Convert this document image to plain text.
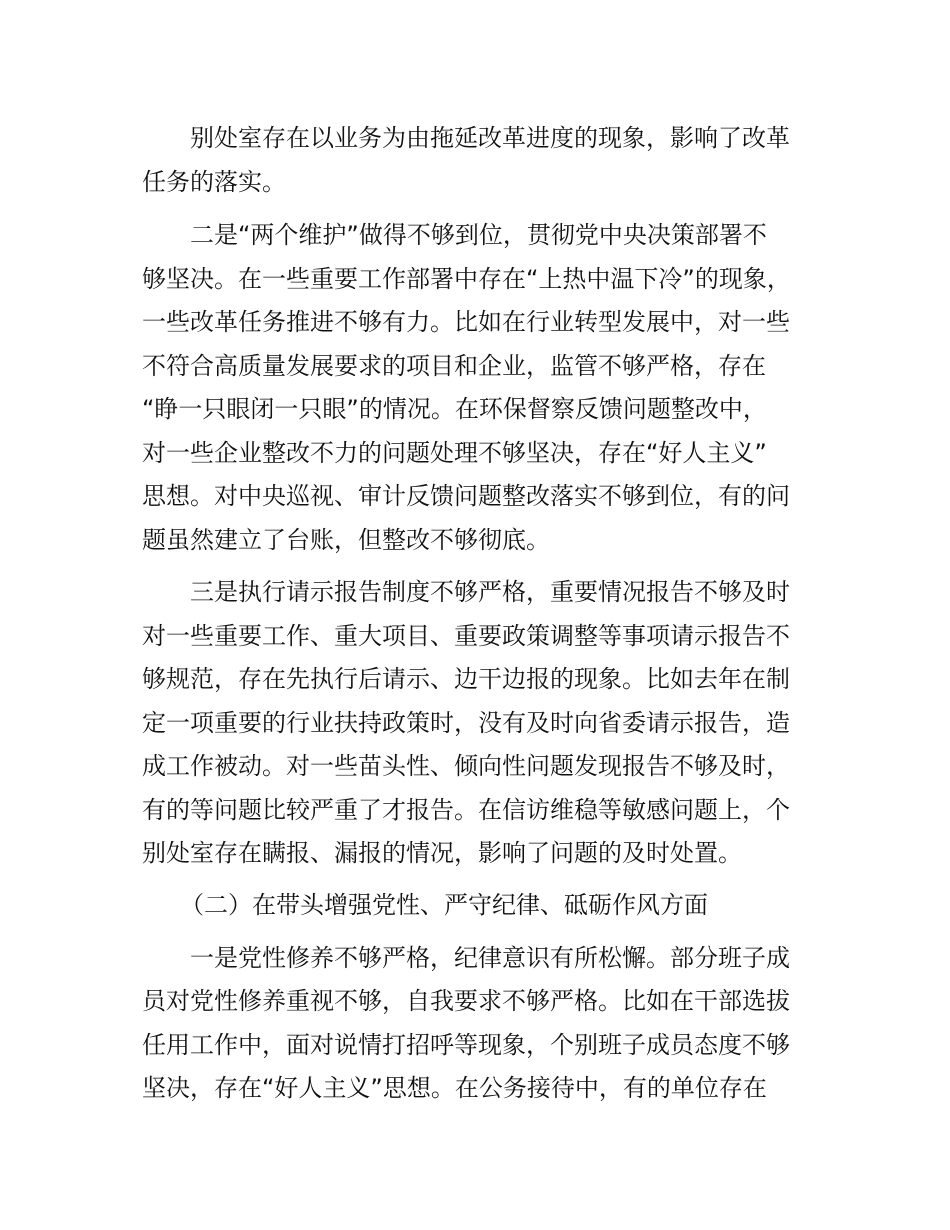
别处室存在以业务为由拖延改革进度的现象，影响了改革
任务的落实。
二是“两个维护”做得不够到位，贯彻党中央决策部署不
够坚决。在一些重要工作部署中存在“上热中温下冷”的现象，
一些改革任务推进不够有力。比如在行业转型发展中，对一些
不符合高质量发展要求的项目和企业，监管不够严格，存在
“睁一只眼闭一只眼”的情况。在环保督察反馈问题整改中，
对一些企业整改不力的问题处理不够坚决，存在“好人主义”
思想。对中央巡视、审计反馈问题整改落实不够到位，有的问
题虽然建立了台账，但整改不够彻底。
三是执行请示报告制度不够严格，重要情况报告不够及时
对一些重要工作、重大项目、重要政策调整等事项请示报告不
够规范，存在先执行后请示、边干边报的现象。比如去年在制
定一项重要的行业扶持政策时，没有及时向省委请示报告，造
成工作被动。对一些苗头性、倾向性问题发现报告不够及时，
有的等问题比较严重了才报告。在信访维稳等敏感问题上，个
别处室存在瞒报、漏报的情况，影响了问题的及时处置。
（二）在带头增强党性、严守纪律、砥砺作风方面
一是党性修养不够严格，纪律意识有所松懈。部分班子成
员对党性修养重视不够，自我要求不够严格。比如在干部选拔
任用工作中，面对说情打招呼等现象，个别班子成员态度不够
坚决，存在“好人主义”思想。在公务接待中，有的单位存在
